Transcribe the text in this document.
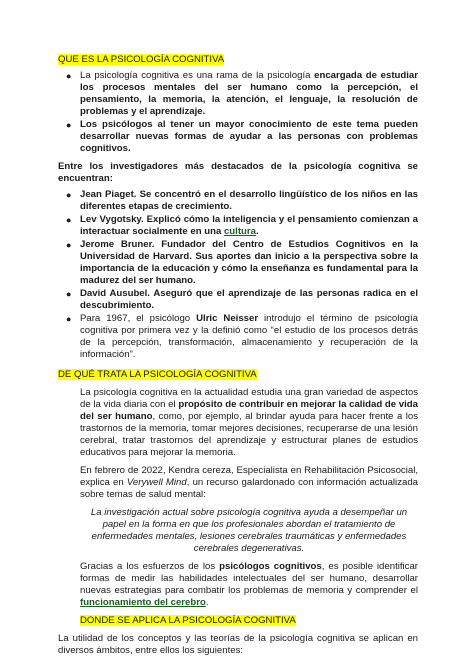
QUE ES LA PSICOLOGÍA COGNITIVA
● La psicología cognitiva es una rama de la psicología encargada de estudiar los procesos mentales del ser humano como la percepción, el pensamiento, la memoria, la atención, el lenguaje, la resolución de problemas y el aprendizaje.
● Los psicólogos al tener un mayor conocimiento de este tema pueden desarrollar nuevas formas de ayudar a las personas con problemas cognitivos.
Entre los investigadores más destacados de la psicología cognitiva se encuentran:
● Jean Piaget. Se concentró en el desarrollo lingüístico de los niños en las diferentes etapas de crecimiento.
● Lev Vygotsky. Explicó cómo la inteligencia y el pensamiento comienzan a interactuar socialmente en una cultura.
● Jerome Bruner. Fundador del Centro de Estudios Cognitivos en la Universidad de Harvard. Sus aportes dan inicio a la perspectiva sobre la importancia de la educación y cómo la enseñanza es fundamental para la madurez del ser humano.
● David Ausubel. Aseguró que el aprendizaje de las personas radica en el descubrimiento.
● Para 1967, el psicólogo Ulric Neisser introdujo el término de psicología cognitiva por primera vez y la definió como “el estudio de los procesos detrás de la percepción, transformación, almacenamiento y recuperación de la información”.
DE QUÉ TRATA LA PSICOLOGÍA COGNITIVA
La psicología cognitiva en la actualidad estudia una gran variedad de aspectos de la vida diaria con el propósito de contribuir en mejorar la calidad de vida del ser humano, como, por ejemplo, al brindar ayuda para hacer frente a los trastornos de la memoria, tomar mejores decisiones, recuperarse de una lesión cerebral, tratar trastornos del aprendizaje y estructurar planes de estudios educativos para mejorar la memoria.
En febrero de 2022, Kendra cereza, Especialista en Rehabilitación Psicosocial, explica en Verywell Mind, un recurso galardonado con información actualizada sobre temas de salud mental:
La investigación actual sobre psicología cognitiva ayuda a desempeñar un papel en la forma en que los profesionales abordan el tratamiento de enfermedades mentales, lesiones cerebrales traumáticas y enfermedades cerebrales degenerativas.
Gracias a los esfuerzos de los psicólogos cognitivos, es posible identificar formas de medir las habilidades intelectuales del ser humano, desarrollar nuevas estrategias para combatir los problemas de memoria y comprender el funcionamiento del cerebro.
DONDE SE APLICA LA PSICOLOGÍA COGNITIVA
La utilidad de los conceptos y las teorías de la psicología cognitiva se aplican en diversos ámbitos, entre ellos los siguientes:
